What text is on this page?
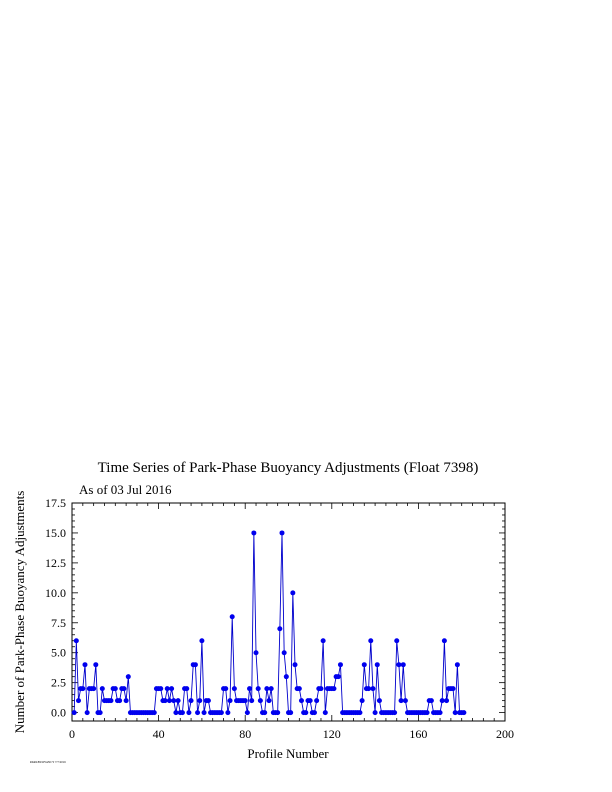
Time Series of Park-Phase Buoyancy Adjustments (Float 7398)
As of 03 Jul 2016
Number of Park-Phase Buoyancy Adjustments
Profile Number
0	40	80	120	160	200
0.0
2.5
5.0
7.5
10.0
12.5
15.0
17.5
PARKBUOYANCY 7/7/2016
